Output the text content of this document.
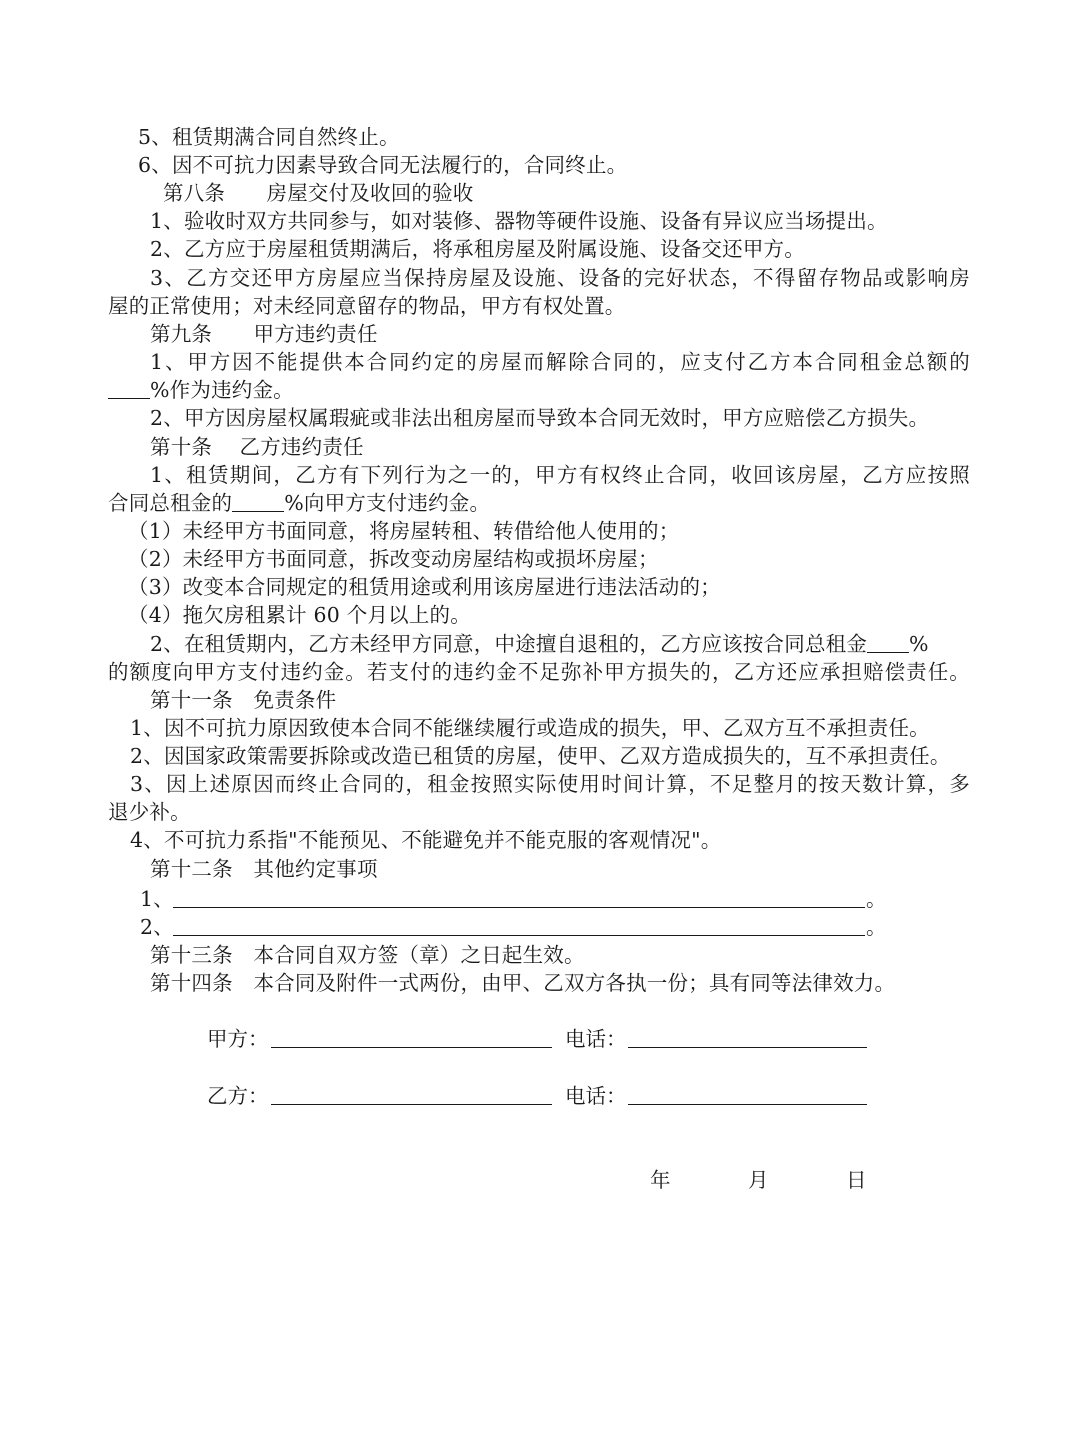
5、租赁期满合同自然终止。
6、因不可抗力因素导致合同无法履行的，合同终止。
第八条　　房屋交付及收回的验收
1、验收时双方共同参与，如对装修、器物等硬件设施、设备有异议应当场提出。
2、乙方应于房屋租赁期满后，将承租房屋及附属设施、设备交还甲方。
3、乙方交还甲方房屋应当保持房屋及设施、设备的完好状态，不得留存物品或影响房
屋的正常使用；对未经同意留存的物品，甲方有权处置。
第九条　　甲方违约责任
1、甲方因不能提供本合同约定的房屋而解除合同的，应支付乙方本合同租金总额的
%作为违约金。
2、甲方因房屋权属瑕疵或非法出租房屋而导致本合同无效时，甲方应赔偿乙方损失。
第十条　 乙方违约责任
1、租赁期间，乙方有下列行为之一的，甲方有权终止合同，收回该房屋，乙方应按照
合同总租金的	%向甲方支付违约金。
（1）未经甲方书面同意，将房屋转租、转借给他人使用的；
（2）未经甲方书面同意，拆改变动房屋结构或损坏房屋；
（3）改变本合同规定的租赁用途或利用该房屋进行违法活动的；
（4）拖欠房租累计 60 个月以上的。
2、在租赁期内，乙方未经甲方同意，中途擅自退租的，乙方应该按合同总租金 %
的额度向甲方支付违约金。若支付的违约金不足弥补甲方损失的，乙方还应承担赔偿责任。
第十一条　免责条件
1、因不可抗力原因致使本合同不能继续履行或造成的损失，甲、乙双方互不承担责任。
2、因国家政策需要拆除或改造已租赁的房屋，使甲、乙双方造成损失的，互不承担责任。
3、因上述原因而终止合同的，租金按照实际使用时间计算，不足整月的按天数计算，多
退少补。
4、不可抗力系指"不能预见、不能避免并不能克服的客观情况"。
第十二条　其他约定事项
1、	。
2、	。
第十三条　本合同自双方签（章）之日起生效。
第十四条　本合同及附件一式两份，由甲、乙双方各执一份；具有同等法律效力。
甲方：	电话：
乙方：	电话：
年	月	日
